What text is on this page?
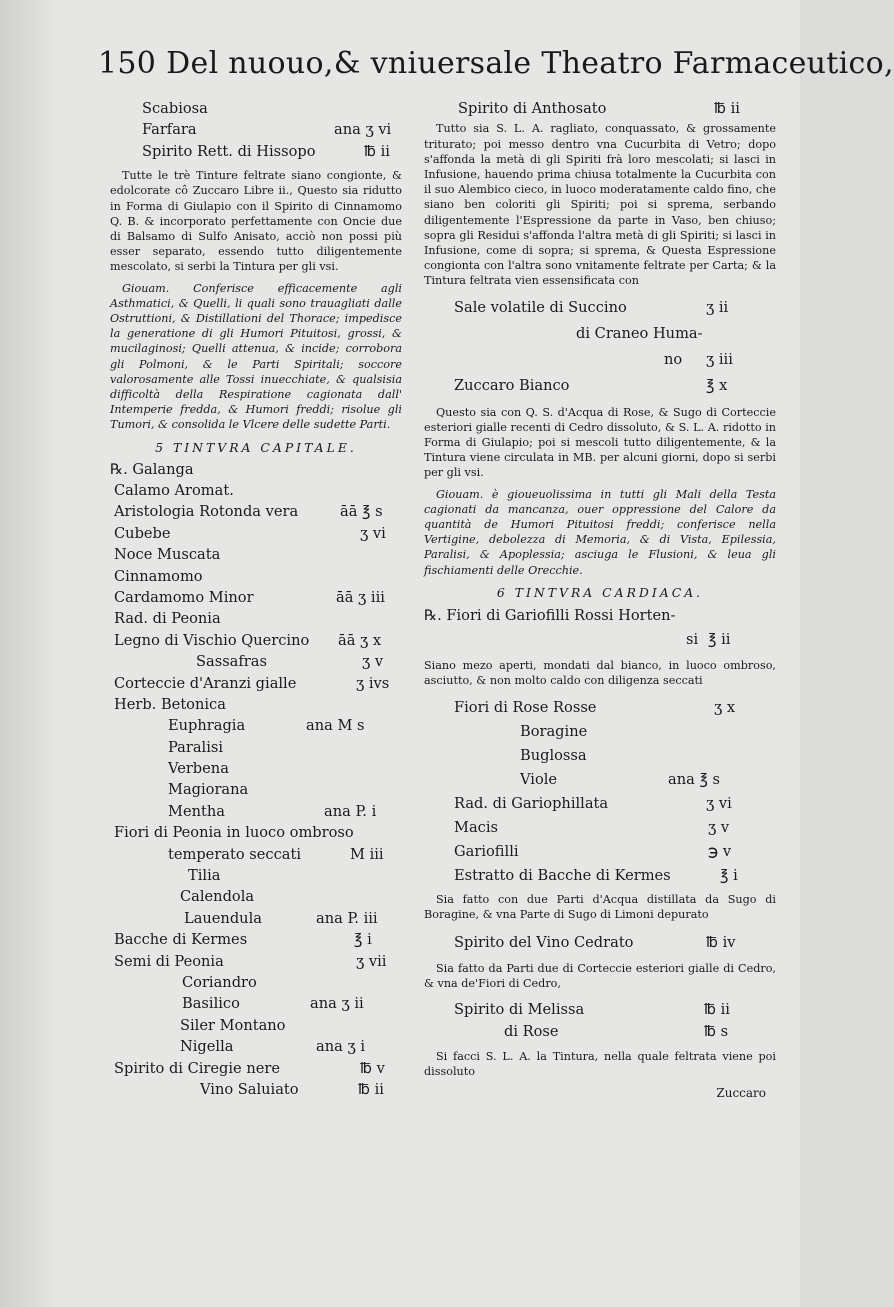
150 Del nuouo,& vniuersale Theatro Farmaceutico,
Scabiosa
Farfara	ana ʒ vi
Spirito Rett. di Hissopo	℔ ii

Tutte le trè Tinture feltrate siano congionte, & edolcorate cô Zuccaro Libre ii., Questo sia ridutto in Forma di Giulapio con il Spirito di Cinnamomo Q. B. & incorporato perfettamente con Oncie due di Balsamo di Sulfo Anisato, acciò non possi più esser separato, essendo tutto diligentemente mescolato, si serbi la Tintura per gli vsi.

Giouam. Conferisce efficacemente agli Asthmatici, & Quelli, li quali sono trauagliati dalle Ostruttioni, & Distillationi del Thorace; impedisce la generatione di gli Humori Pituitosi, grossi, & mucilaginosi; Quelli attenua, & incide; corrobora gli Polmoni, & le Parti Spiritali; soccore valorosamente alle Tossi inuecchiate, & qualsisia difficoltà della Respiratione cagionata dall' Intemperie fredda, & Humori freddi; risolue gli Tumori, & consolida le Vlcere delle sudette Parti.

5 TINTVRA CAPITALE.
℞. Galanga
Calamo Aromat.
Aristologia Rotonda vera	āā ℥ s
Cubebe	ʒ vi
Noce Muscata
Cinnamomo
Cardamomo Minor	āā ʒ iii
Rad. di Peonia
Legno di Vischio Quercino āā ʒ x
Sassafras	ʒ v
Corteccie d'Aranzi gialle	ʒ ivs
Herb. Betonica
Euphragia	ana M s
Paralisi
Verbena
Magiorana
Mentha	ana P. i
Fiori di Peonia in luoco ombroso
temperato seccati	M iii
Tilia
Calendola
Lauendula	ana P. iii
Bacche di Kermes	℥ i
Semi di Peonia	ʒ vii
Coriandro
Basilico	ana ʒ ii
Siler Montano
Nigella	ana ʒ i
Spirito di Ciregie nere	℔ v
Vino Saluiato	℔ ii
Spirito di Anthosato	℔ ii

Tutto sia S. L. A. ragliato, conquassato, & grossamente triturato; poi messo dentro vna Cucurbita di Vetro; dopo s'affonda la metà di gli Spiriti frà loro mescolati; si lasci in Infusione, hauendo prima chiusa totalmente la Cucurbita con il suo Alembico cieco, in luoco moderatamente caldo fino, che siano ben coloriti gli Spiriti; poi si sprema, serbando diligentemente l'Espressione da parte in Vaso, ben chiuso; sopra gli Residui s'affonda l'altra metà di gli Spiriti; si lasci in Infusione, come di sopra; si sprema, & Questa Espressione congionta con l'altra sono vnitamente feltrate per Carta; & la Tintura feltrata vien essensificata con

Sale volatile di Succino	ʒ ii
di Craneo Huma-
no ʒ iii
Zuccaro Bianco	℥ x

Questo sia con Q. S. d'Acqua di Rose, & Sugo di Corteccie esteriori gialle recenti di Cedro dissoluto, & S. L. A. ridotto in Forma di Giulapio; poi si mescoli tutto diligentemente, & la Tintura viene circulata in MB. per alcuni giorni, dopo si serbi per gli vsi.

Giouam. è gioueuolissima in tutti gli Mali della Testa cagionati da mancanza, ouer oppressione del Calore da quantità de Humori Pituitosi freddi; conferisce nella Vertigine, debolezza di Memoria, & di Vista, Epilessia, Paralisi, & Apoplessia; asciuga le Flusioni, & leua gli fischiamenti delle Orecchie.

6 TINTVRA CARDIACA.
℞. Fiori di Gariofilli Rossi Horten-
si ℥ ii

Siano mezo aperti, mondati dal bianco, in luoco ombroso, asciutto, & non molto caldo con diligenza seccati

Fiori di Rose Rosse	ʒ x
Boragine
Buglossa
Viole	ana ℥ s
Rad. di Gariophillata	ʒ vi
Macis	ʒ v
Gariofilli	℈ v
Estratto di Bacche di Kermes	℥ i

Sia fatto con due Parti d'Acqua distillata da Sugo di Boragine, & vna Parte di Sugo di Limoni depurato

Spirito del Vino Cedrato	℔ iv

Sia fatto da Parti due di Corteccie esteriori gialle di Cedro, & vna de'Fiori di Cedro,

Spirito di Melissa	℔ ii
di Rose	℔ s

Si facci S. L. A. la Tintura, nella quale feltrata viene poi dissoluto

Zuccaro
